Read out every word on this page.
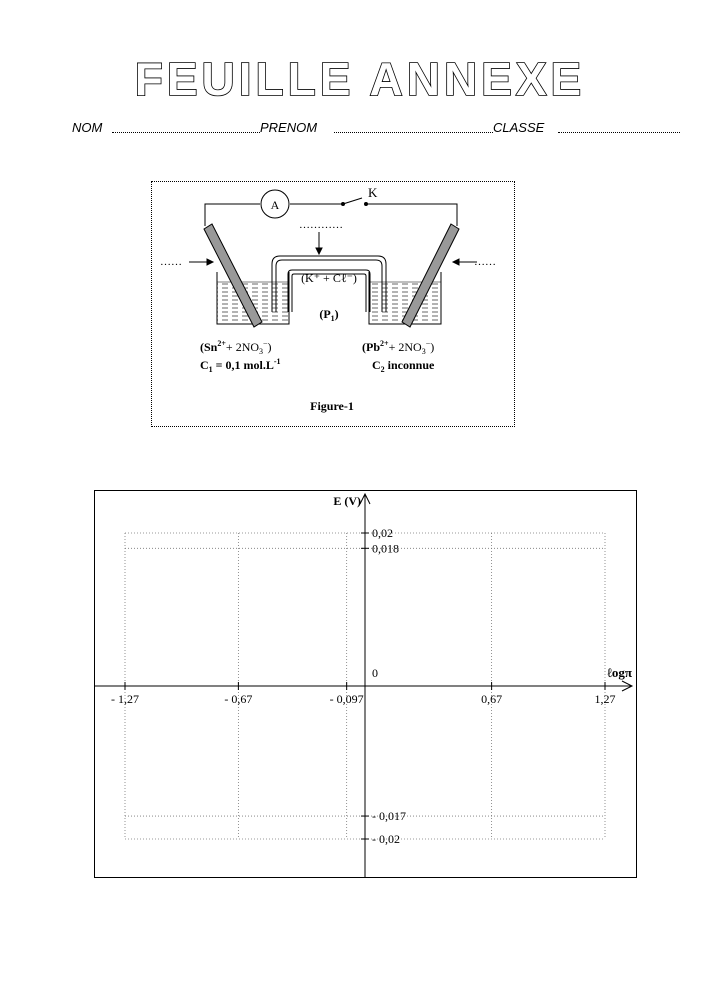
FEUILLE ANNEXE
NOM	PRENOM	CLASSE
A
K
…………
……	……
(K⁺ + Cℓ⁻)
$(P_1)$
$(Sn^{2+}+ 2NO_3^-)$
$C_1 = 0,1$ $mol.L^{-1}$
$(Pb^{2+}+ 2NO_3^-)$
$C_2$ inconnue
Figure-1
E (V)
ℓogπ
0
- 1,27	- 0,67	- 0,097	0,67	1,27
0,02
0,018
- 0,017
- 0,02
